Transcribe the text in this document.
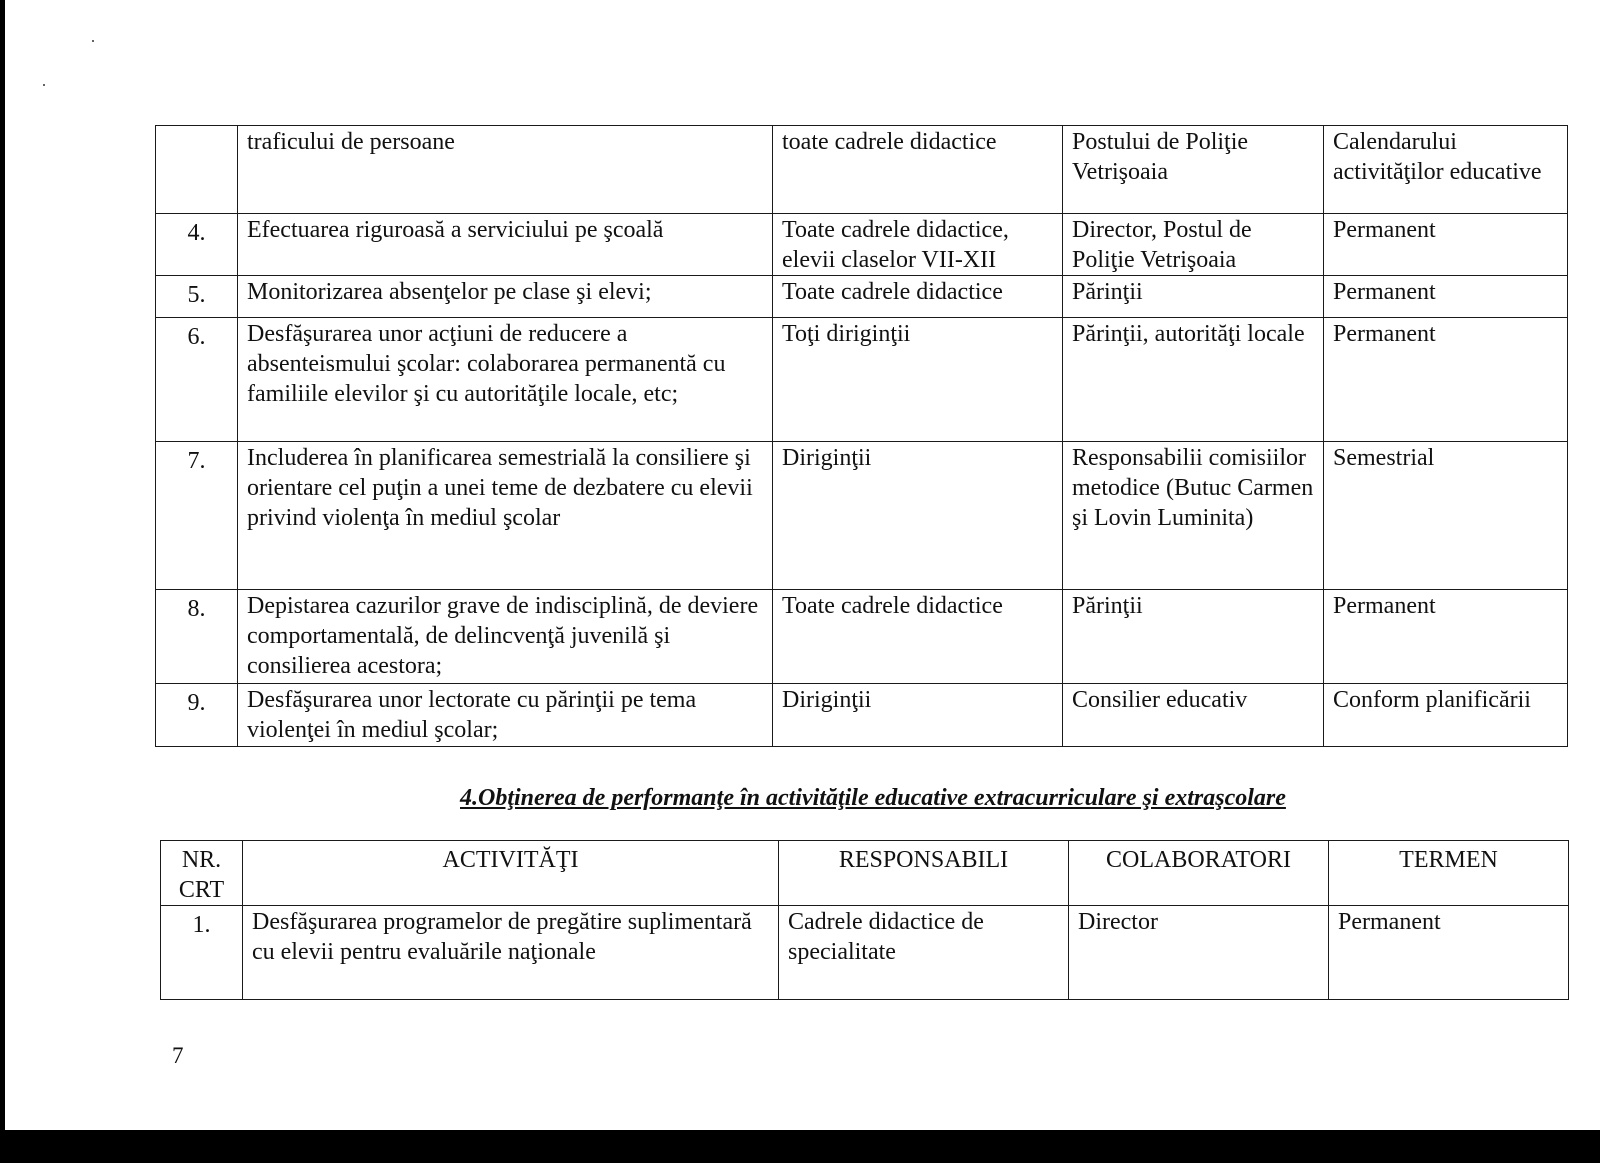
	traficului de persoane	toate cadrele didactice	Postului de Poliţie Vetrişoaia	Calendarului activităţilor educative
4.	Efectuarea riguroasă a serviciului pe şcoală	Toate cadrele didactice, elevii claselor VII-XII	Director, Postul de Poliţie Vetrişoaia	Permanent
5.	Monitorizarea absenţelor pe clase şi elevi;	Toate cadrele didactice	Părinţii	Permanent
6.	Desfăşurarea unor acţiuni de reducere a absenteismului şcolar: colaborarea permanentă cu familiile elevilor şi cu autorităţile locale, etc;	Toţi diriginţii	Părinţii, autorităţi locale	Permanent
7.	Includerea în planificarea semestrială la consiliere şi orientare cel puţin a unei teme de dezbatere cu elevii privind violenţa în mediul şcolar	Diriginţii	Responsabilii comisiilor metodice (Butuc Carmen şi Lovin Luminita)	Semestrial
8.	Depistarea cazurilor grave de indisciplină, de deviere comportamentală, de delincvenţă juvenilă şi consilierea acestora;	Toate cadrele didactice	Părinţii	Permanent
9.	Desfăşurarea unor lectorate cu părinţii pe tema violenţei în mediul şcolar;	Diriginţii	Consilier educativ	Conform planificării
4.Obţinerea de performanţe în activităţile educative extracurriculare şi extraşcolare
NR. CRT	ACTIVITĂŢI	RESPONSABILI	COLABORATORI	TERMEN
1.	Desfăşurarea programelor de pregătire suplimentară cu elevii pentru evaluările naţionale	Cadrele didactice de specialitate	Director	Permanent
7
